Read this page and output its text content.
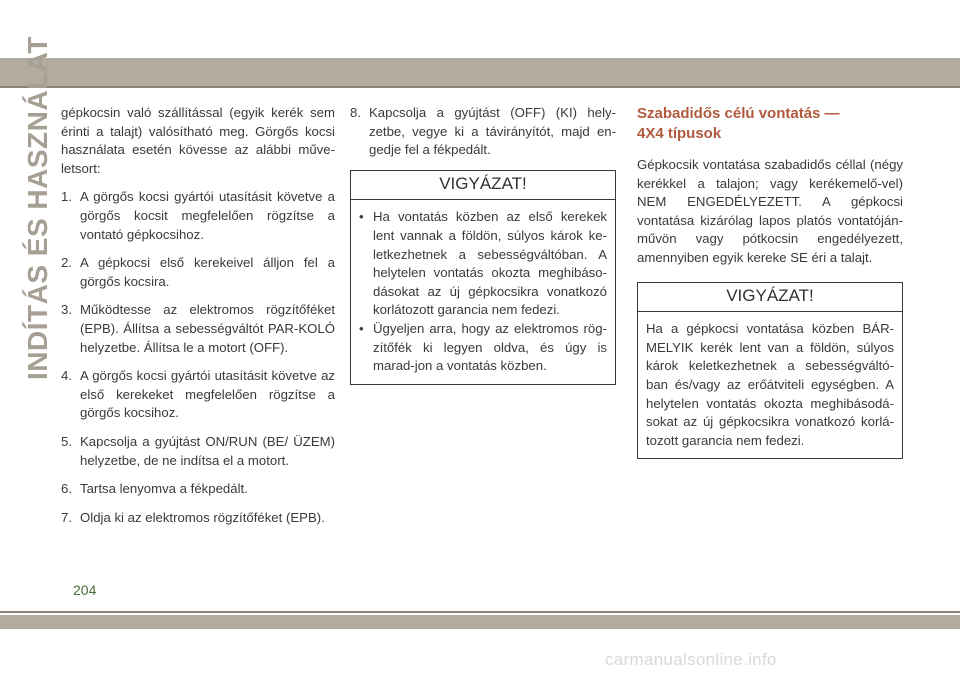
INDÍTÁS ÉS HASZNÁLAT gépkocsin való szállítással (egyik kerék sem érinti a talajt) valósítható meg. Görgős kocsi használata esetén kövesse az alábbi műve-letsort:

1. A görgős kocsi gyártói utasításit követve a görgős kocsit megfelelően rögzítse a vontató gépkocsihoz.
2. A gépkocsi első kerekeivel álljon fel a görgős kocsira.
3. Működtesse az elektromos rögzítőféket (EPB). Állítsa a sebességváltót PAR-KOLÓ helyzetbe. Állítsa le a motort (OFF).
4. A görgős kocsi gyártói utasításit követve az első kerekeket megfelelően rögzítse a görgős kocsihoz.
5. Kapcsolja a gyújtást ON/RUN (BE/ ÜZEM) helyzetbe, de ne indítsa el a motort.
6. Tartsa lenyomva a fékpedált.
7. Oldja ki az elektromos rögzítőféket (EPB).
8. Kapcsolja a gyújtást (OFF) (KI) hely-zetbe, vegye ki a távirányítót, majd en-gedje fel a fékpedált.
VIGYÁZAT!
• Ha vontatás közben az első kerekek lent vannak a földön, súlyos károk ke-letkezhetnek a sebességváltóban. A helytelen vontatás okozta meghibáso-dásokat az új gépkocsikra vonatkozó korlátozott garancia nem fedezi.
• Ügyeljen arra, hogy az elektromos rög-zítőfék ki legyen oldva, és úgy is marad-jon a vontatás közben.
Szabadidős célú vontatás —
4X4 típusok

Gépkocsik vontatása szabadidős céllal (négy kerékkel a talajon; vagy kerékemelő-vel) NEM ENGEDÉLYEZETT. A gépkocsi vontatása kizárólag lapos platós vontatóján-művön vagy pótkocsin engedélyezett, amennyiben egyik kereke SE éri a talajt.

VIGYÁZAT!
Ha a gépkocsi vontatása közben BÁR-MELYIK kerék lent van a földön, súlyos károk keletkezhetnek a sebességváltó-ban és/vagy az erőátviteli egységben. A helytelen vontatás okozta meghibásodá-sokat az új gépkocsikra vonatkozó korlá-tozott garancia nem fedezi.
204
carmanualsonline.info
